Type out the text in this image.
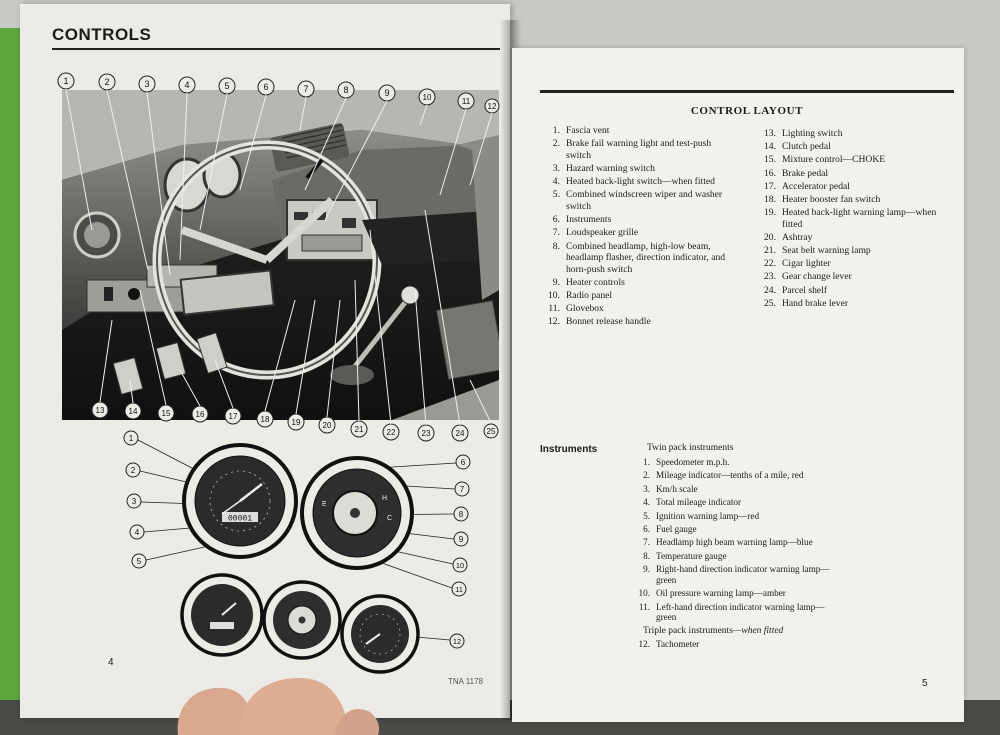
CONTROLS
1	2	3	4	5	6	7	8	9	10	11
12
13	14	15	16	17	18	19	20	21	22	23	24	25
1
2
3
4
5
6
7
8
9
10
11
12
00001
E
H
C
4
TNA 1178
CONTROL LAYOUT
1. Fascia vent
2. Brake fail warning light and test-push switch
3. Hazard warning switch
4. Heated back-light switch—when fitted
5. Combined windscreen wiper and washer switch
6. Instruments
7. Loudspeaker grille
8. Combined headlamp, high-low beam, headlamp flasher, direction indicator, and horn-push switch
9. Heater controls
10. Radio panel
11. Glovebox
12. Bonnet release handle
13. Lighting switch
14. Clutch pedal
15. Mixture control—CHOKE
16. Brake pedal
17. Accelerator pedal
18. Heater booster fan switch
19. Heated back-light warning lamp—when fitted
20. Ashtray
21. Seat belt warning lamp
22. Cigar lighter
23. Gear change lever
24. Parcel shelf
25. Hand brake lever
Instruments	Twin pack instruments
1. Speedometer m.p.h.
2. Mileage indicator—tenths of a mile, red
3. Km/h scale
4. Total mileage indicator
5. Ignition warning lamp—red
6. Fuel gauge
7. Headlamp high beam warning lamp—blue
8. Temperature gauge
9. Right-hand direction indicator warning lamp—green
10. Oil pressure warning lamp—amber
11. Left-hand direction indicator warning lamp—green
Triple pack instruments—when fitted
12. Tachometer
5
